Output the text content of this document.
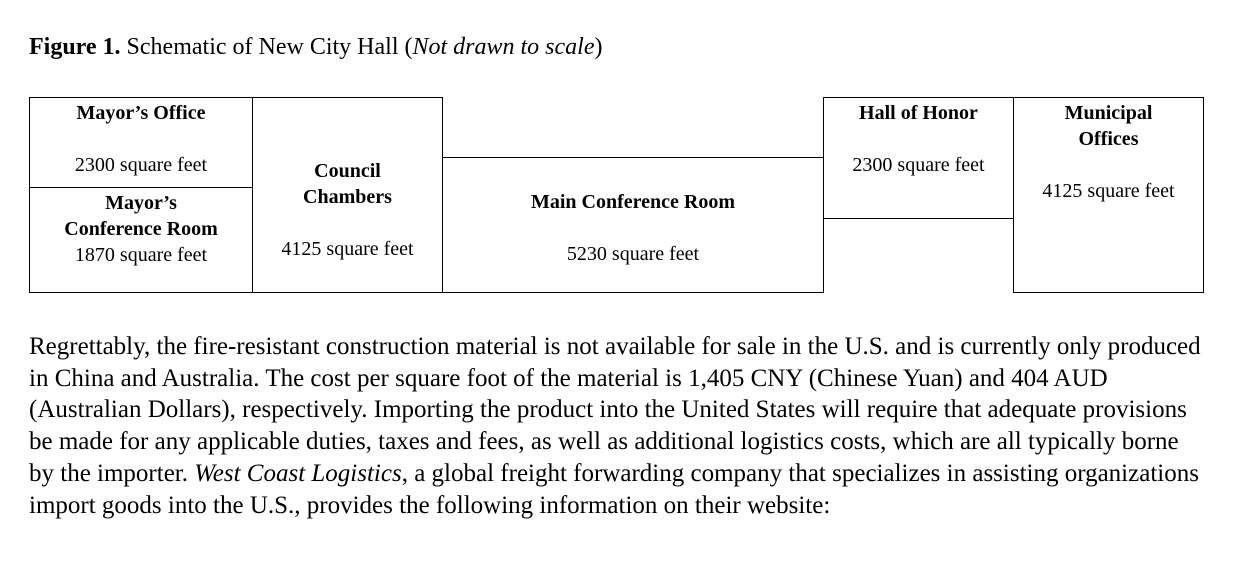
Figure 1. Schematic of New City Hall (Not drawn to scale)
Mayor’s Office
2300 square feet
Mayor’s
Conference Room
1870 square feet
Council
Chambers
4125 square feet
Main Conference Room
5230 square feet
Hall of Honor
2300 square feet
Municipal
Offices
4125 square feet
Regrettably, the fire-resistant construction material is not available for sale in the U.S. and is currently only produced in China and Australia. The cost per square foot of the material is 1,405 CNY (Chinese Yuan) and 404 AUD (Australian Dollars), respectively. Importing the product into the United States will require that adequate provisions be made for any applicable duties, taxes and fees, as well as additional logistics costs, which are all typically borne by the importer. West Coast Logistics, a global freight forwarding company that specializes in assisting organizations import goods into the U.S., provides the following information on their website:
